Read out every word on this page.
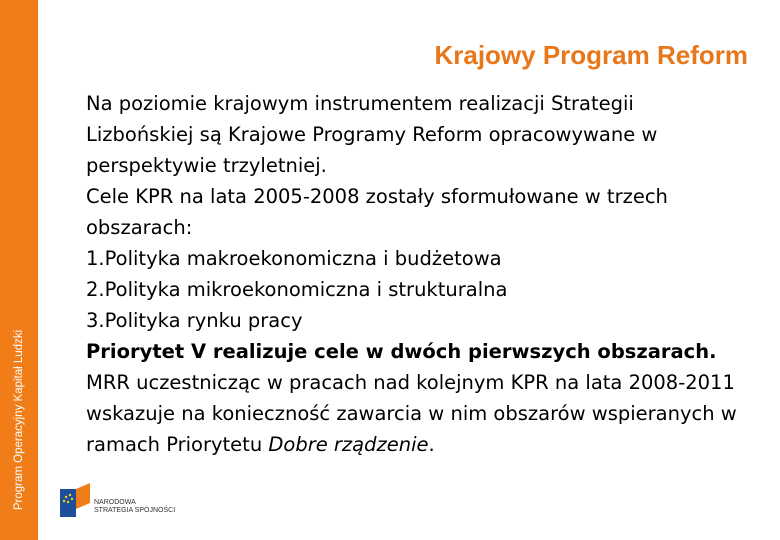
Program Operacyjny Kapitał Ludzki
Krajowy Program Reform

Na poziomie krajowym instrumentem realizacji Strategii Lizbońskiej są Krajowe Programy Reform opracowywane w perspektywie trzyletniej.

Cele KPR na lata 2005-2008 zostały sformułowane w trzech obszarach:

1.Polityka makroekonomiczna i budżetowa

2.Polityka mikroekonomiczna i strukturalna

3.Polityka rynku pracy

Priorytet V realizuje cele w dwóch pierwszych obszarach.

MRR uczestnicząc w pracach nad kolejnym KPR na lata 2008-2011 wskazuje na konieczność zawarcia w nim obszarów wspieranych w ramach Priorytetu Dobre rządzenie.

NARODOWA
STRATEGIA SPÓJNOŚCI
